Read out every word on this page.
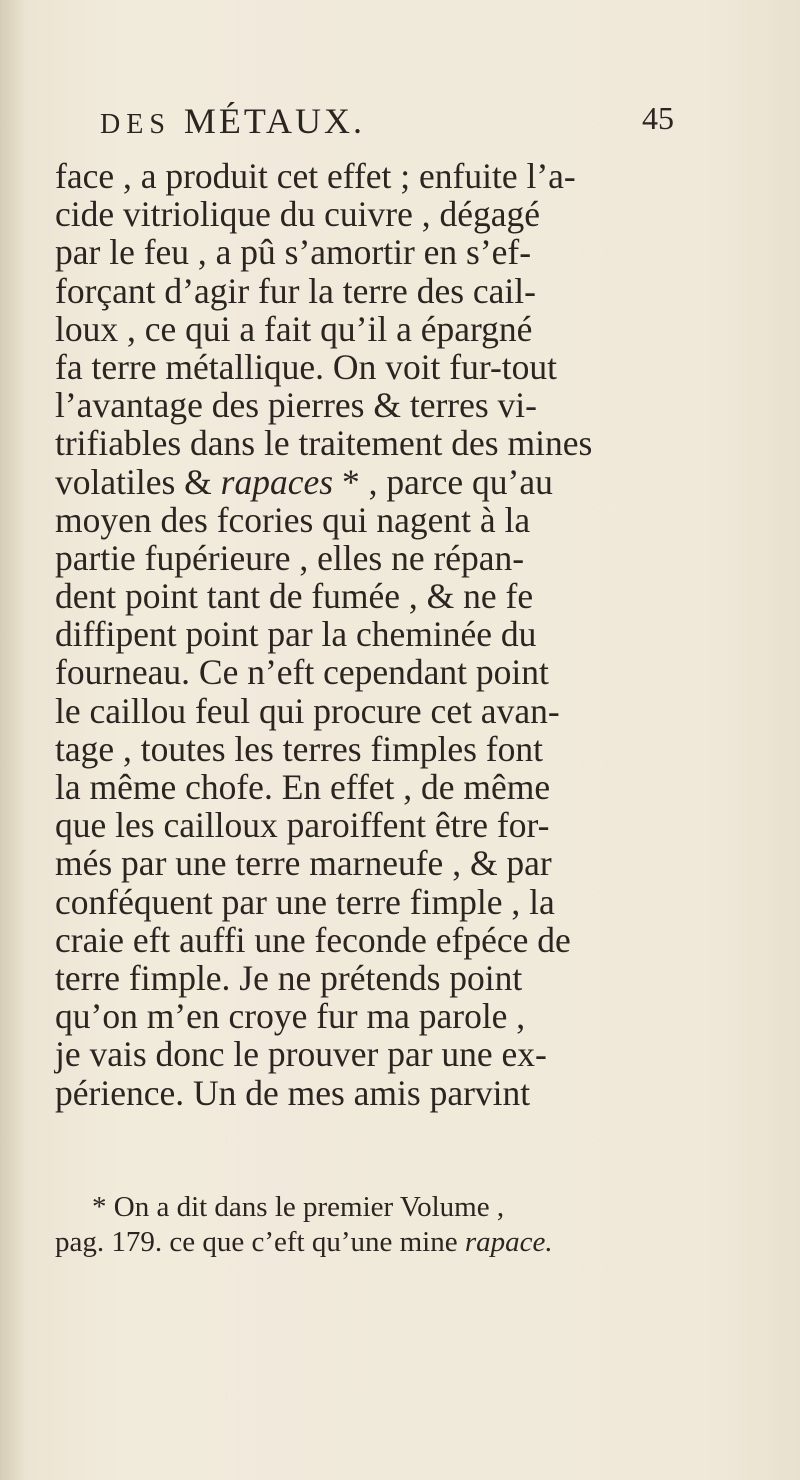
DES MÉTAUX.	45
face , a produit cet effet ; enfuite l’a-
cide vitriolique du cuivre , dégagé
par le feu , a pû s’amortir en s’ef-
forçant d’agir fur la terre des cail-
loux , ce qui a fait qu’il a épargné
fa terre métallique. On voit fur-tout
l’avantage des pierres & terres vi-
trifiables dans le traitement des mines
volatiles & rapaces * , parce qu’au
moyen des fcories qui nagent à la
partie fupérieure , elles ne répan-
dent point tant de fumée , & ne fe
diffipent point par la cheminée du
fourneau. Ce n’eft cependant point
le caillou feul qui procure cet avan-
tage , toutes les terres fimples font
la même chofe. En effet , de même
que les cailloux paroiffent être for-
més par une terre marneufe , & par
conféquent par une terre fimple , la
craie eft auffi une feconde efpéce de
terre fimple. Je ne prétends point
qu’on m’en croye fur ma parole ,
je vais donc le prouver par une ex-
périence. Un de mes amis parvint
* On a dit dans le premier Volume ,
pag. 179. ce que c’eft qu’une mine rapace.
